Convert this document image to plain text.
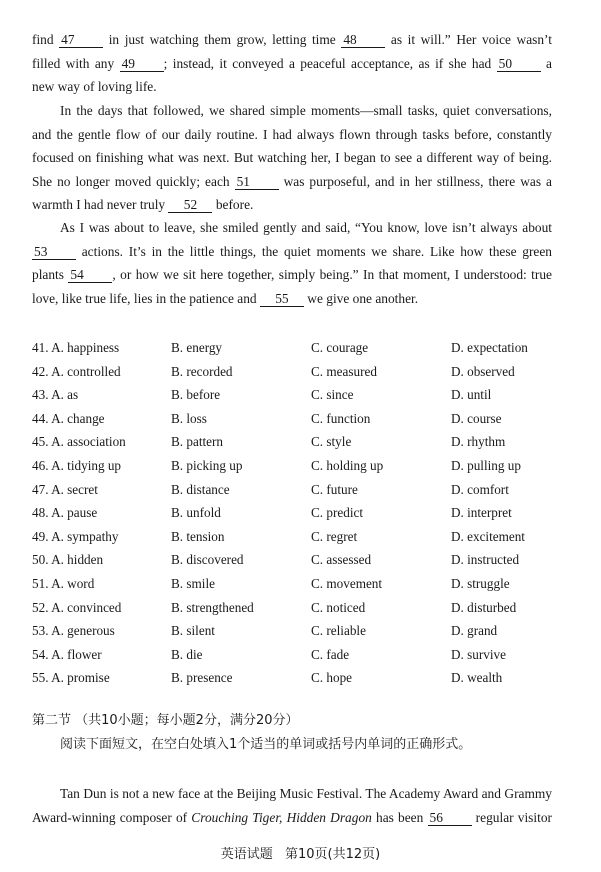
find 47 in just watching them grow, letting time 48 as it will.” Her voice wasn’t
filled with any 49 ; instead, it conveyed a peaceful acceptance, as if she had 50 a
new way of loving life.
In the days that followed, we shared simple moments—small tasks, quiet conversations,
and the gentle flow of our daily routine. I had always flown through tasks before, constantly
focused on finishing what was next. But watching her, I began to see a different way of being.
She no longer moved quickly; each 51 was purposeful, and in her stillness, there was a
warmth I had never truly 52 before.
As I was about to leave, she smiled gently and said, “You know, love isn’t always about
53 actions. It’s in the little things, the quiet moments we share. Like how these green
plants 54 , or how we sit here together, simply being.” In that moment, I understood: true
love, like true life, lies in the patience and 55 we give one another.
41. A. happiness	B. energy	C. courage	D. expectation
42. A. controlled	B. recorded	C. measured	D. observed
43. A. as	B. before	C. since	D. until
44. A. change	B. loss	C. function	D. course
45. A. association	B. pattern	C. style	D. rhythm
46. A. tidying up	B. picking up	C. holding up	D. pulling up
47. A. secret	B. distance	C. future	D. comfort
48. A. pause	B. unfold	C. predict	D. interpret
49. A. sympathy	B. tension	C. regret	D. excitement
50. A. hidden	B. discovered	C. assessed	D. instructed
51. A. word	B. smile	C. movement	D. struggle
52. A. convinced	B. strengthened	C. noticed	D. disturbed
53. A. generous	B. silent	C. reliable	D. grand
54. A. flower	B. die	C. fade	D. survive
55. A. promise	B. presence	C. hope	D. wealth
第二节 （共10小题；每小题2分，满分20分）
阅读下面短文，在空白处填入1个适当的单词或括号内单词的正确形式。
Tan Dun is not a new face at the Beijing Music Festival. The Academy Award and Grammy
Award-winning composer of Crouching Tiger, Hidden Dragon has been 56 regular visitor
英语试题 第10页(共12页)
